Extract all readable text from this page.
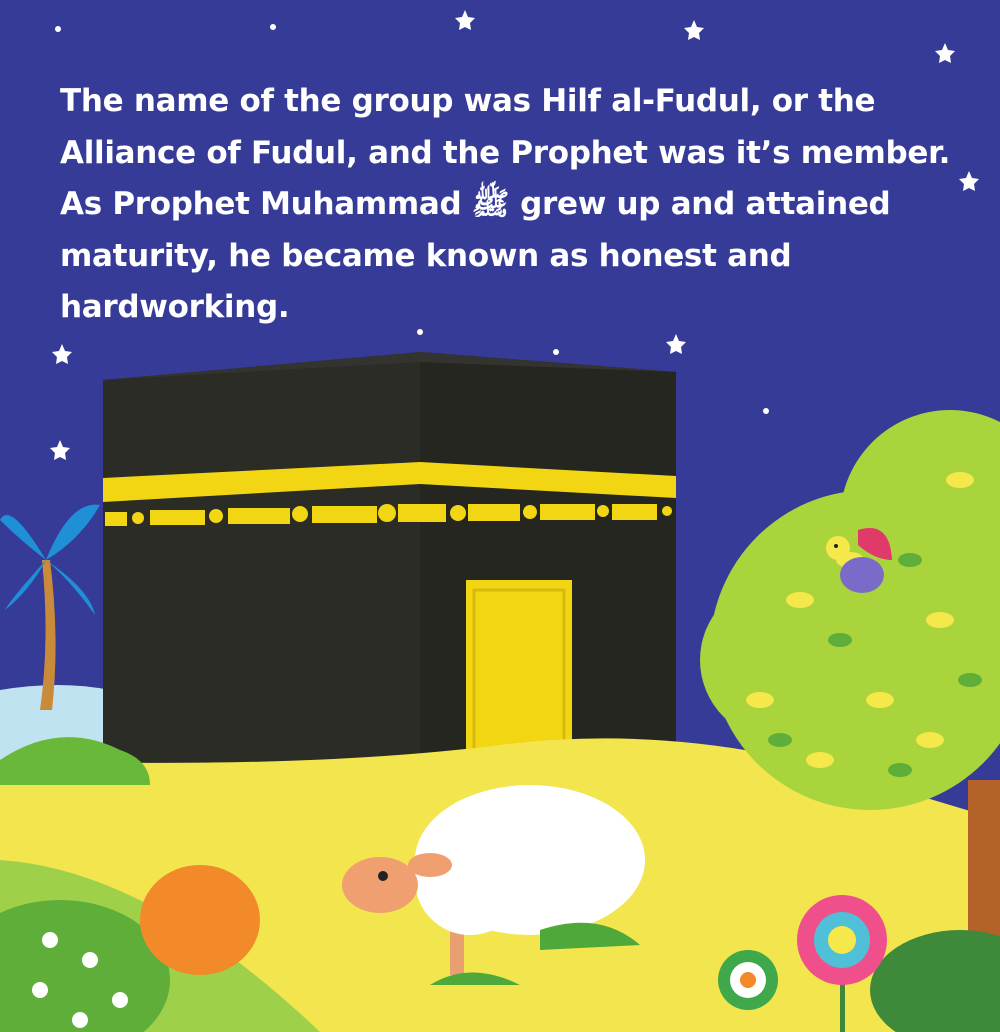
The name of the group was Hilf al-Fudul, or the
Alliance of Fudul, and the Prophet was it’s member.
As Prophet Muhammad ﷺ grew up and attained
maturity, he became known as honest and
hardworking.
